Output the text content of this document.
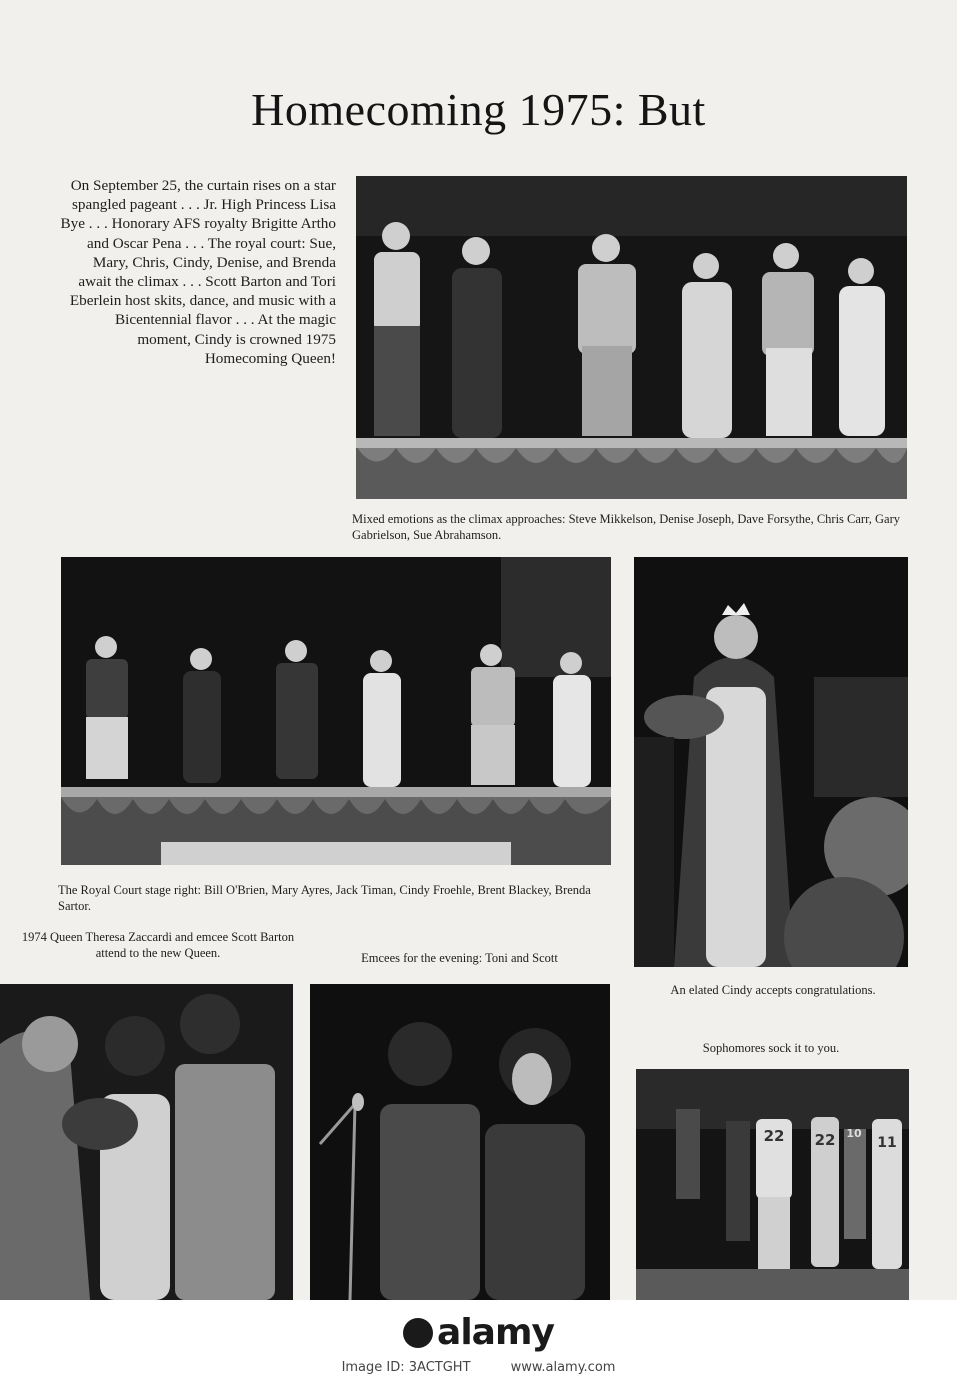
Homecoming 1975: But
On September 25, the curtain rises on a star spangled pageant . . . Jr. High Princess Lisa Bye . . . Honorary AFS royalty Brigitte Artho and Oscar Pena . . . The royal court: Sue, Mary, Chris, Cindy, Denise, and Brenda await the climax . . . Scott Barton and Tori Eberlein host skits, dance, and music with a Bicentennial flavor . . . At the magic moment, Cindy is crowned 1975 Homecoming Queen!
Mixed emotions as the climax approaches: Steve Mikkelson, Denise Joseph, Dave Forsythe, Chris Carr, Gary Gabrielson, Sue Abrahamson.
The Royal Court stage right: Bill O'Brien, Mary Ayres, Jack Timan, Cindy Froehle, Brent Blackey, Brenda Sartor.
An elated Cindy accepts congratulations.
1974 Queen Theresa Zaccardi and emcee Scott Barton attend to the new Queen.	Emcees for the evening: Toni and Scott
Sophomores sock it to you.
22	22 10
11
alamy
Image ID: 3ACTGHT	www.alamy.com
